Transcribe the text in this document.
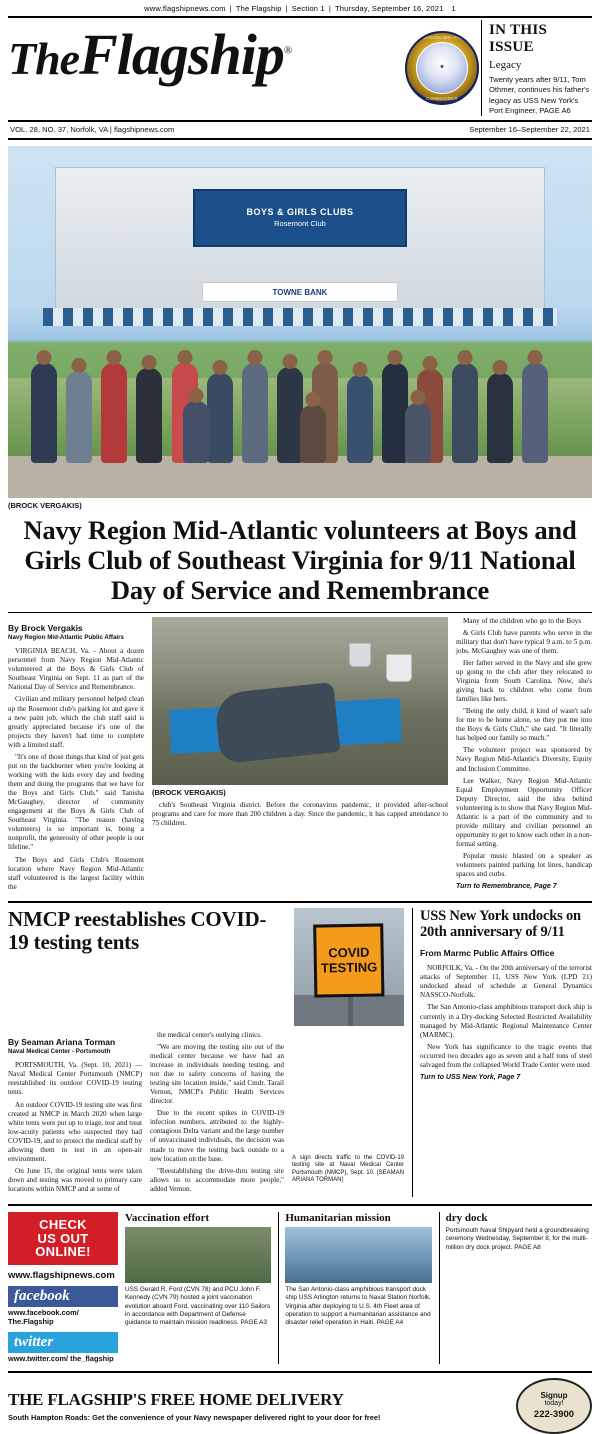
www.flagshipnews.com | The Flagship | Section 1 | Thursday, September 16, 2021 1
TheFlagship®
NAVY REGION MID-ATLANTIC
★
COMMANDER
IN THIS ISSUE
Legacy
Twenty years after 9/11, Tom Othmer, continues his father's legacy as USS New York's Port Engineer, PAGE A6
VOL. 28, NO. 37, Norfolk, VA | flagshipnews.com	September 16–September 22, 2021
BOYS & GIRLS CLUBS
Rosemont Club
TOWNE BANK
(BROCK VERGAKIS)
Navy Region Mid-Atlantic volunteers at Boys and Girls Club of Southeast Virginia for 9/11 National Day of Service and Remembrance
By Brock Vergakis
Navy Region Mid-Atlantic Public Affairs

VIRGINIA BEACH, Va. - About a dozen personnel from Navy Region Mid-Atlantic volunteered at the Boys & Girls Club of Southeast Virginia on Sept. 11 as part of the National Day of Service and Remembrance.

Civilian and military personnel helped clean up the Rosemont club's parking lot and gave it a new paint job, which the club staff said is greatly appreciated because it's one of the projects they haven't had time to complete with a limited staff.

"It's one of those things that kind of just gets put on the backburner when you're looking at working with the kids every day and feeding them and doing the programs that we have for the Boys and Girls Club," said Tanisha McGaughey, director of community engagement at the Boys & Girls Club of Southeast Virginia. "The reason (having volunteers) is so important is, being a nonprofit, the generosity of other people is our lifeline."

The Boys and Girls Club's Rosemont location where Navy Region Mid-Atlantic staff volunteered is the largest facility within the

(BROCK VERGAKIS)

club's Southeast Virginia district. Before the coronavirus pandemic, it provided after-school programs and care for more than 200 children a day. Since the pandemic, it has capped attendance to 75 children.

Many of the children who go to the Boys

& Girls Club have parents who serve in the military that don't have typical 9 a.m. to 5 p.m. jobs. McGaughey was one of them.

Her father served in the Navy and she grew up going to the club after they relocated to Virginia from South Carolina. Now, she's giving back to children who come from families like hers.

"Being the only child, it kind of wasn't safe for me to be home alone, so they put me into the Boys & Girls Club," she said. "It literally has helped our family so much."

The volunteer project was sponsored by Navy Region Mid-Atlantic's Diversity, Equity and Inclusion Committee.

Lee Walker, Navy Region Mid-Atlantic Equal Employment Opportunity Officer Deputy Director, said the idea behind volunteering is to show that Navy Region Mid-Atlantic is a part of the community and to provide military and civilian personnel an opportunity to get to know each other in a non-formal setting.

Popular music blasted on a speaker as volunteers painted parking lot lines, handicap spaces and curbs.

Turn to Remembrance, Page 7
NMCP reestablishes COVID-19 testing tents	COVID TESTING
By Seaman Ariana Torman
Naval Medical Center - Portsmouth

PORTSMOUTH, Va. (Sept. 10, 2021) — Naval Medical Center Portsmouth (NMCP) reestablished its outdoor COVID-19 testing tents.

An outdoor COVID-19 testing site was first created at NMCP in March 2020 when large white tents were put up to triage, test and treat low-acuity patients who suspected they had COVID-19, and to protect the medical staff by allowing them to test in an open-air environment.

On June 15, the original tents were taken down and testing was moved to primary care locations within NMCP and at some of

the medical center's outlying clinics.

"We are moving the testing site out of the medical center because we have had an increase in individuals needing testing, and not due to safety concerns of having the testing site location inside," said Cmdr. Tarail Vernon, NMCP's Public Health Services director.

Due to the recent spikes in COVID-19 infection numbers, attributed to the highly-contagious Delta variant and the large number of unvaccinated individuals, the decision was made to move the testing back outside to a new location on the base.

"Reestablishing the drive-thru testing site allows us to accommodate more people," added Vernon.

A sign directs traffic to the COVID-19 testing site at Naval Medical Center Portsmouth (NMCP), Sept. 10. (SEAMAN ARIANA TORMAN)

USS New York undocks on 20th anniversary of 9/11
From Marmc Public Affairs Office

NORFOLK, Va. - On the 20th anniversary of the terrorist attacks of September 11, USS New York (LPD 21) undocked ahead of schedule at General Dynamics NASSCO-Norfolk.

The San Antonio-class amphibious transport dock ship is currently in a Dry-docking Selected Restricted Availability managed by Mid-Atlantic Regional Maintenance Center (MARMC).

New York has significance to the tragic events that occurred two decades ago as seven and a half tons of steel salvaged from the collapsed World Trade Center were used

Turn to USS New York, Page 7
CHECK
US OUT
ONLINE!
www.flagshipnews.com
facebook
www.facebook.com/ The.Flagship
twitter
www.twitter.com/ the_flagship
Vaccination effort

USS Gerald R. Ford (CVN 78) and PCU John F. Kennedy (CVN 79) hosted a joint vaccination evolution aboard Ford, vaccinating over 110 Sailors in accordance with Department of Defense guidance to maintain mission readiness. PAGE A3

Humanitarian mission

The San Antonio-class amphibious transport dock ship USS Arlington returns to Naval Station Norfolk, Virginia after deploying to U.S. 4th Fleet area of operation to support a humanitarian assistance and disaster relief operation in Haiti. PAGE A4

dry dock

Portsmouth Naval Shipyard held a groundbreaking ceremony Wednesday, September 8, for the multi-million dry dock project. PAGE A8

THE FLAGSHIP'S FREE HOME DELIVERY

South Hampton Roads: Get the convenience of your Navy newspaper delivered right to your door for free!

Signup
today!
222-3900
